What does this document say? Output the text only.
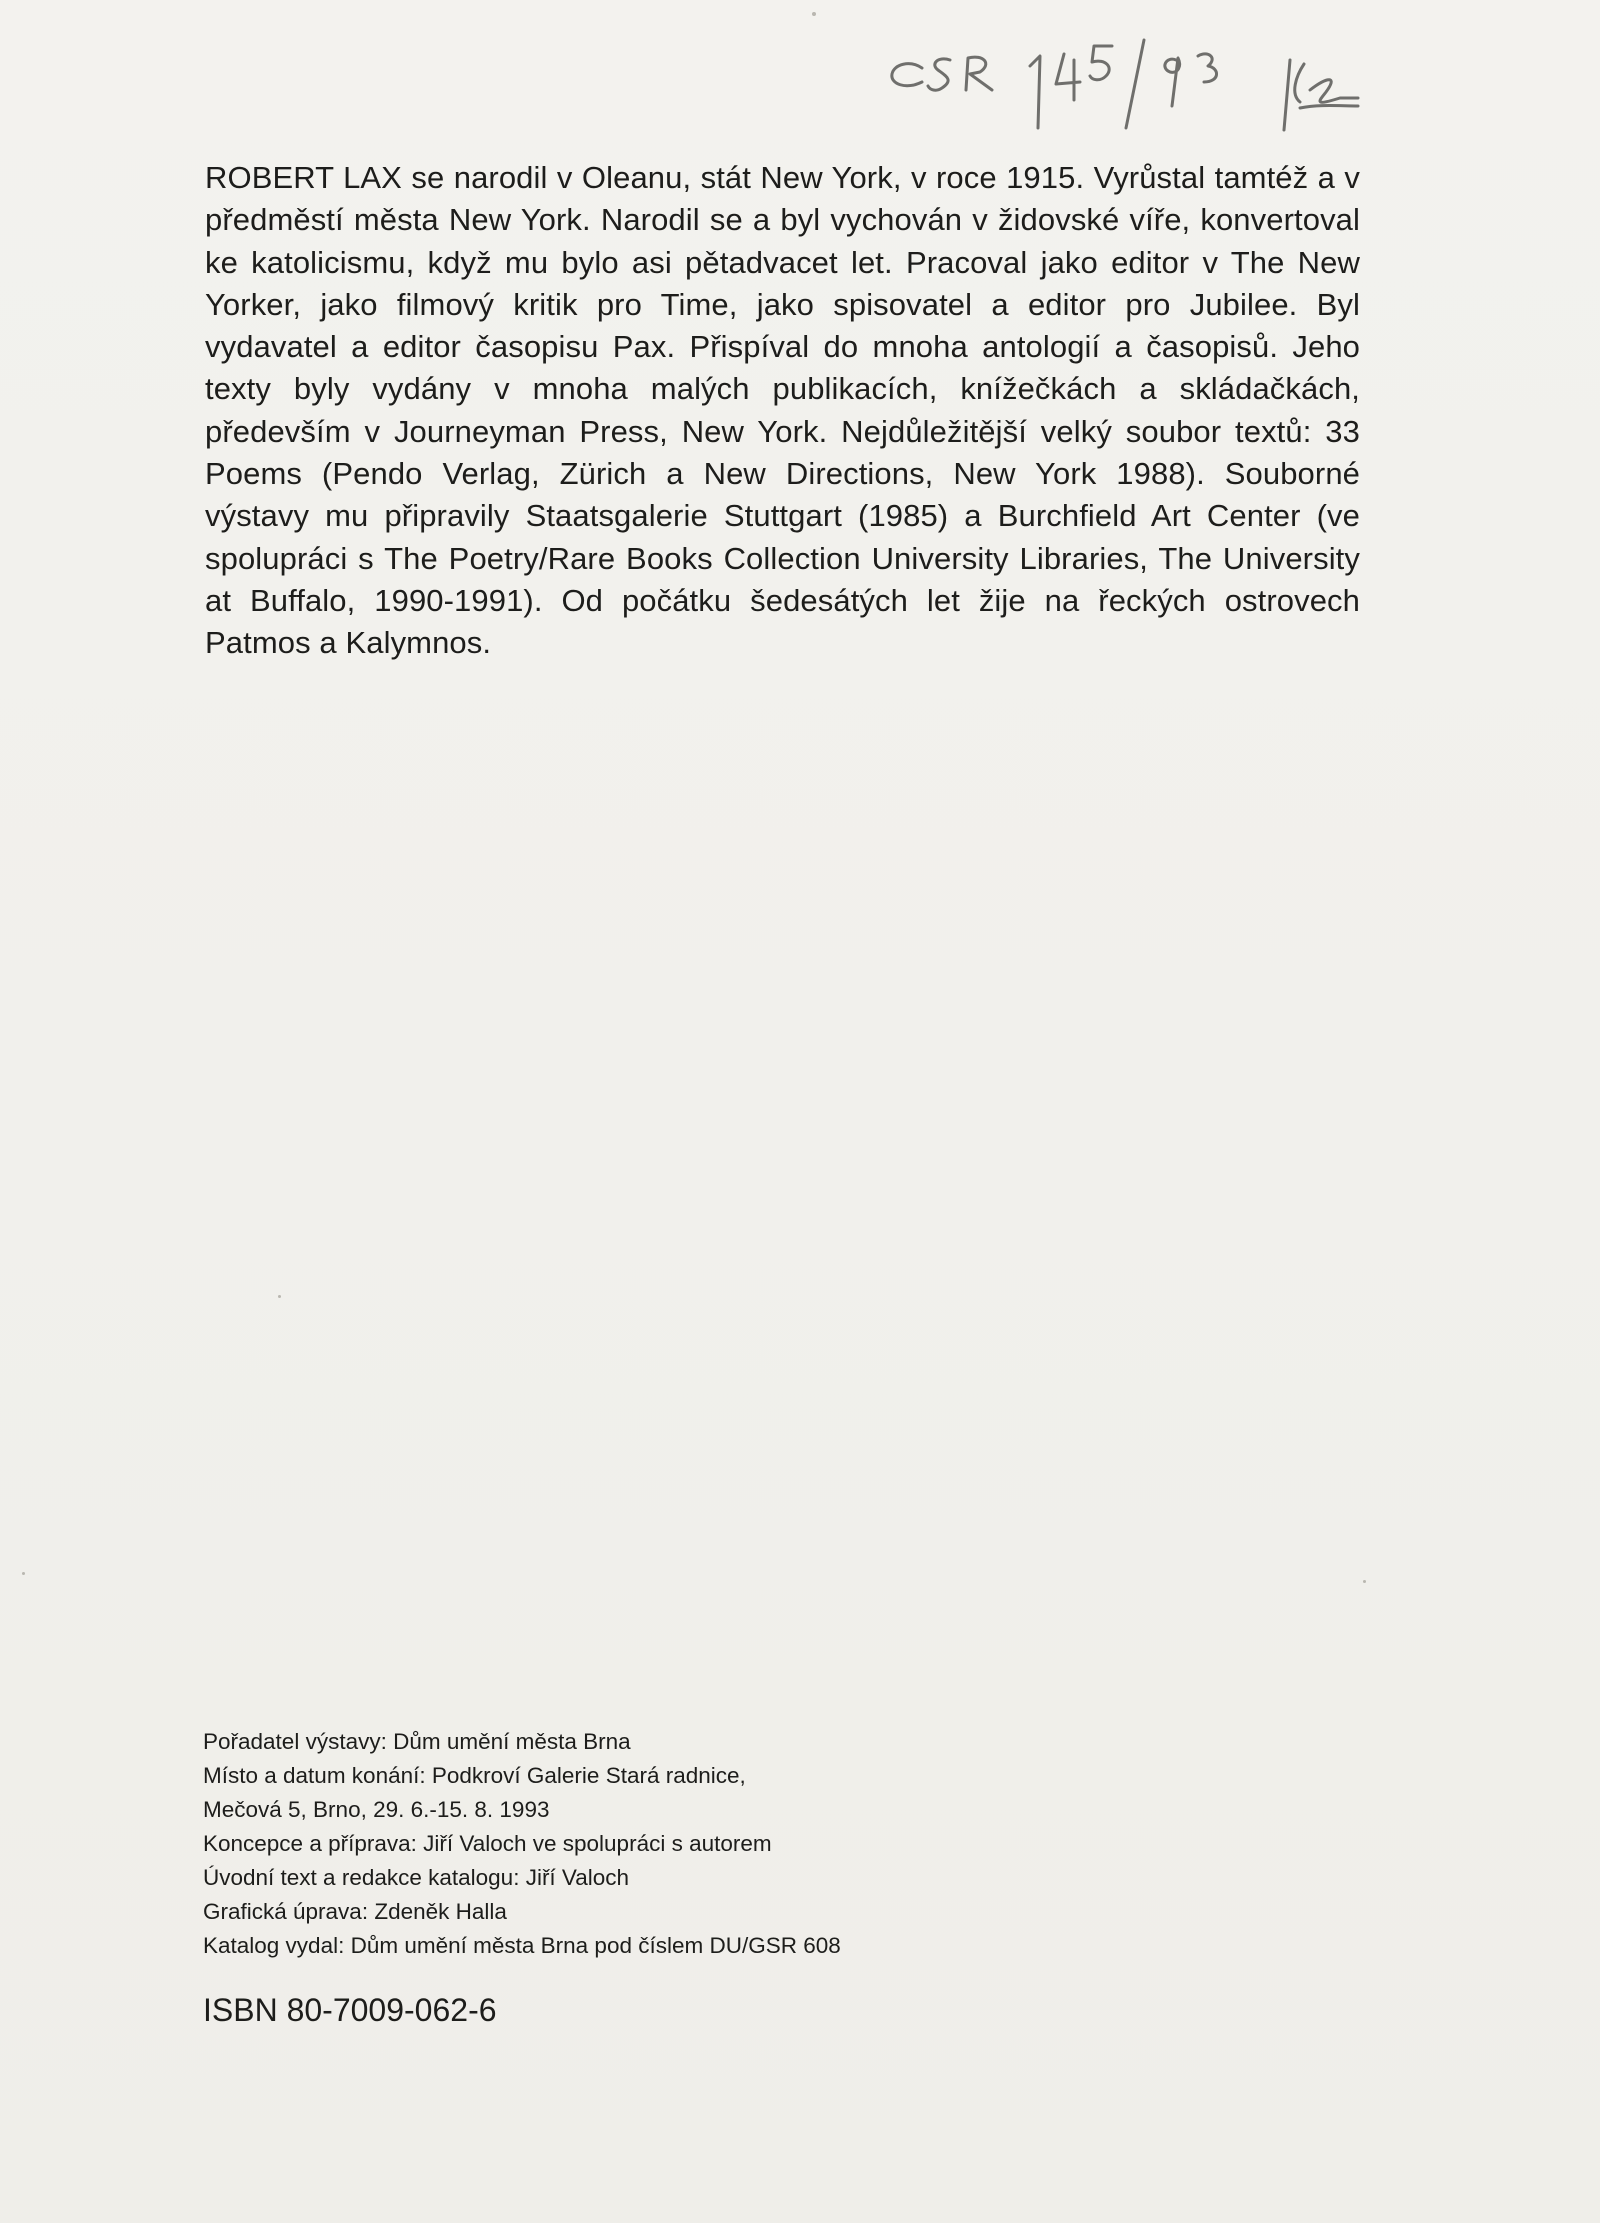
ROBERT LAX se narodil v Oleanu, stát New York, v roce 1915. Vyrůstal tamtéž a v předměstí města New York. Narodil se a byl vychován v židovské víře, konvertoval ke katolicismu, když mu bylo asi pětadvacet let. Pracoval jako editor v The New Yorker, jako filmový kritik pro Time, jako spisovatel a editor pro Jubilee. Byl vydavatel a editor časopisu Pax. Přispíval do mnoha antologií a časopisů. Jeho texty byly vydány v mnoha malých publikacích, knížečkách a skládačkách, především v Journeyman Press, New York. Nejdůležitější velký soubor textů: 33 Poems (Pendo Verlag, Zürich a New Directions, New York 1988). Souborné výstavy mu připravily Staatsgalerie Stuttgart (1985) a Burchfield Art Center (ve spolupráci s The Poetry/Rare Books Collection University Libraries, The University at Buffalo, 1990-1991). Od počátku šedesátých let žije na řeckých ostrovech Patmos a Kalymnos.

Pořadatel výstavy: Dům umění města Brna
Místo a datum konání: Podkroví Galerie Stará radnice,
Mečová 5, Brno, 29. 6.-15. 8. 1993
Koncepce a příprava: Jiří Valoch ve spolupráci s autorem
Úvodní text a redakce katalogu: Jiří Valoch
Grafická úprava: Zdeněk Halla
Katalog vydal: Dům umění města Brna pod číslem DU/GSR 608

ISBN 80-7009-062-6
